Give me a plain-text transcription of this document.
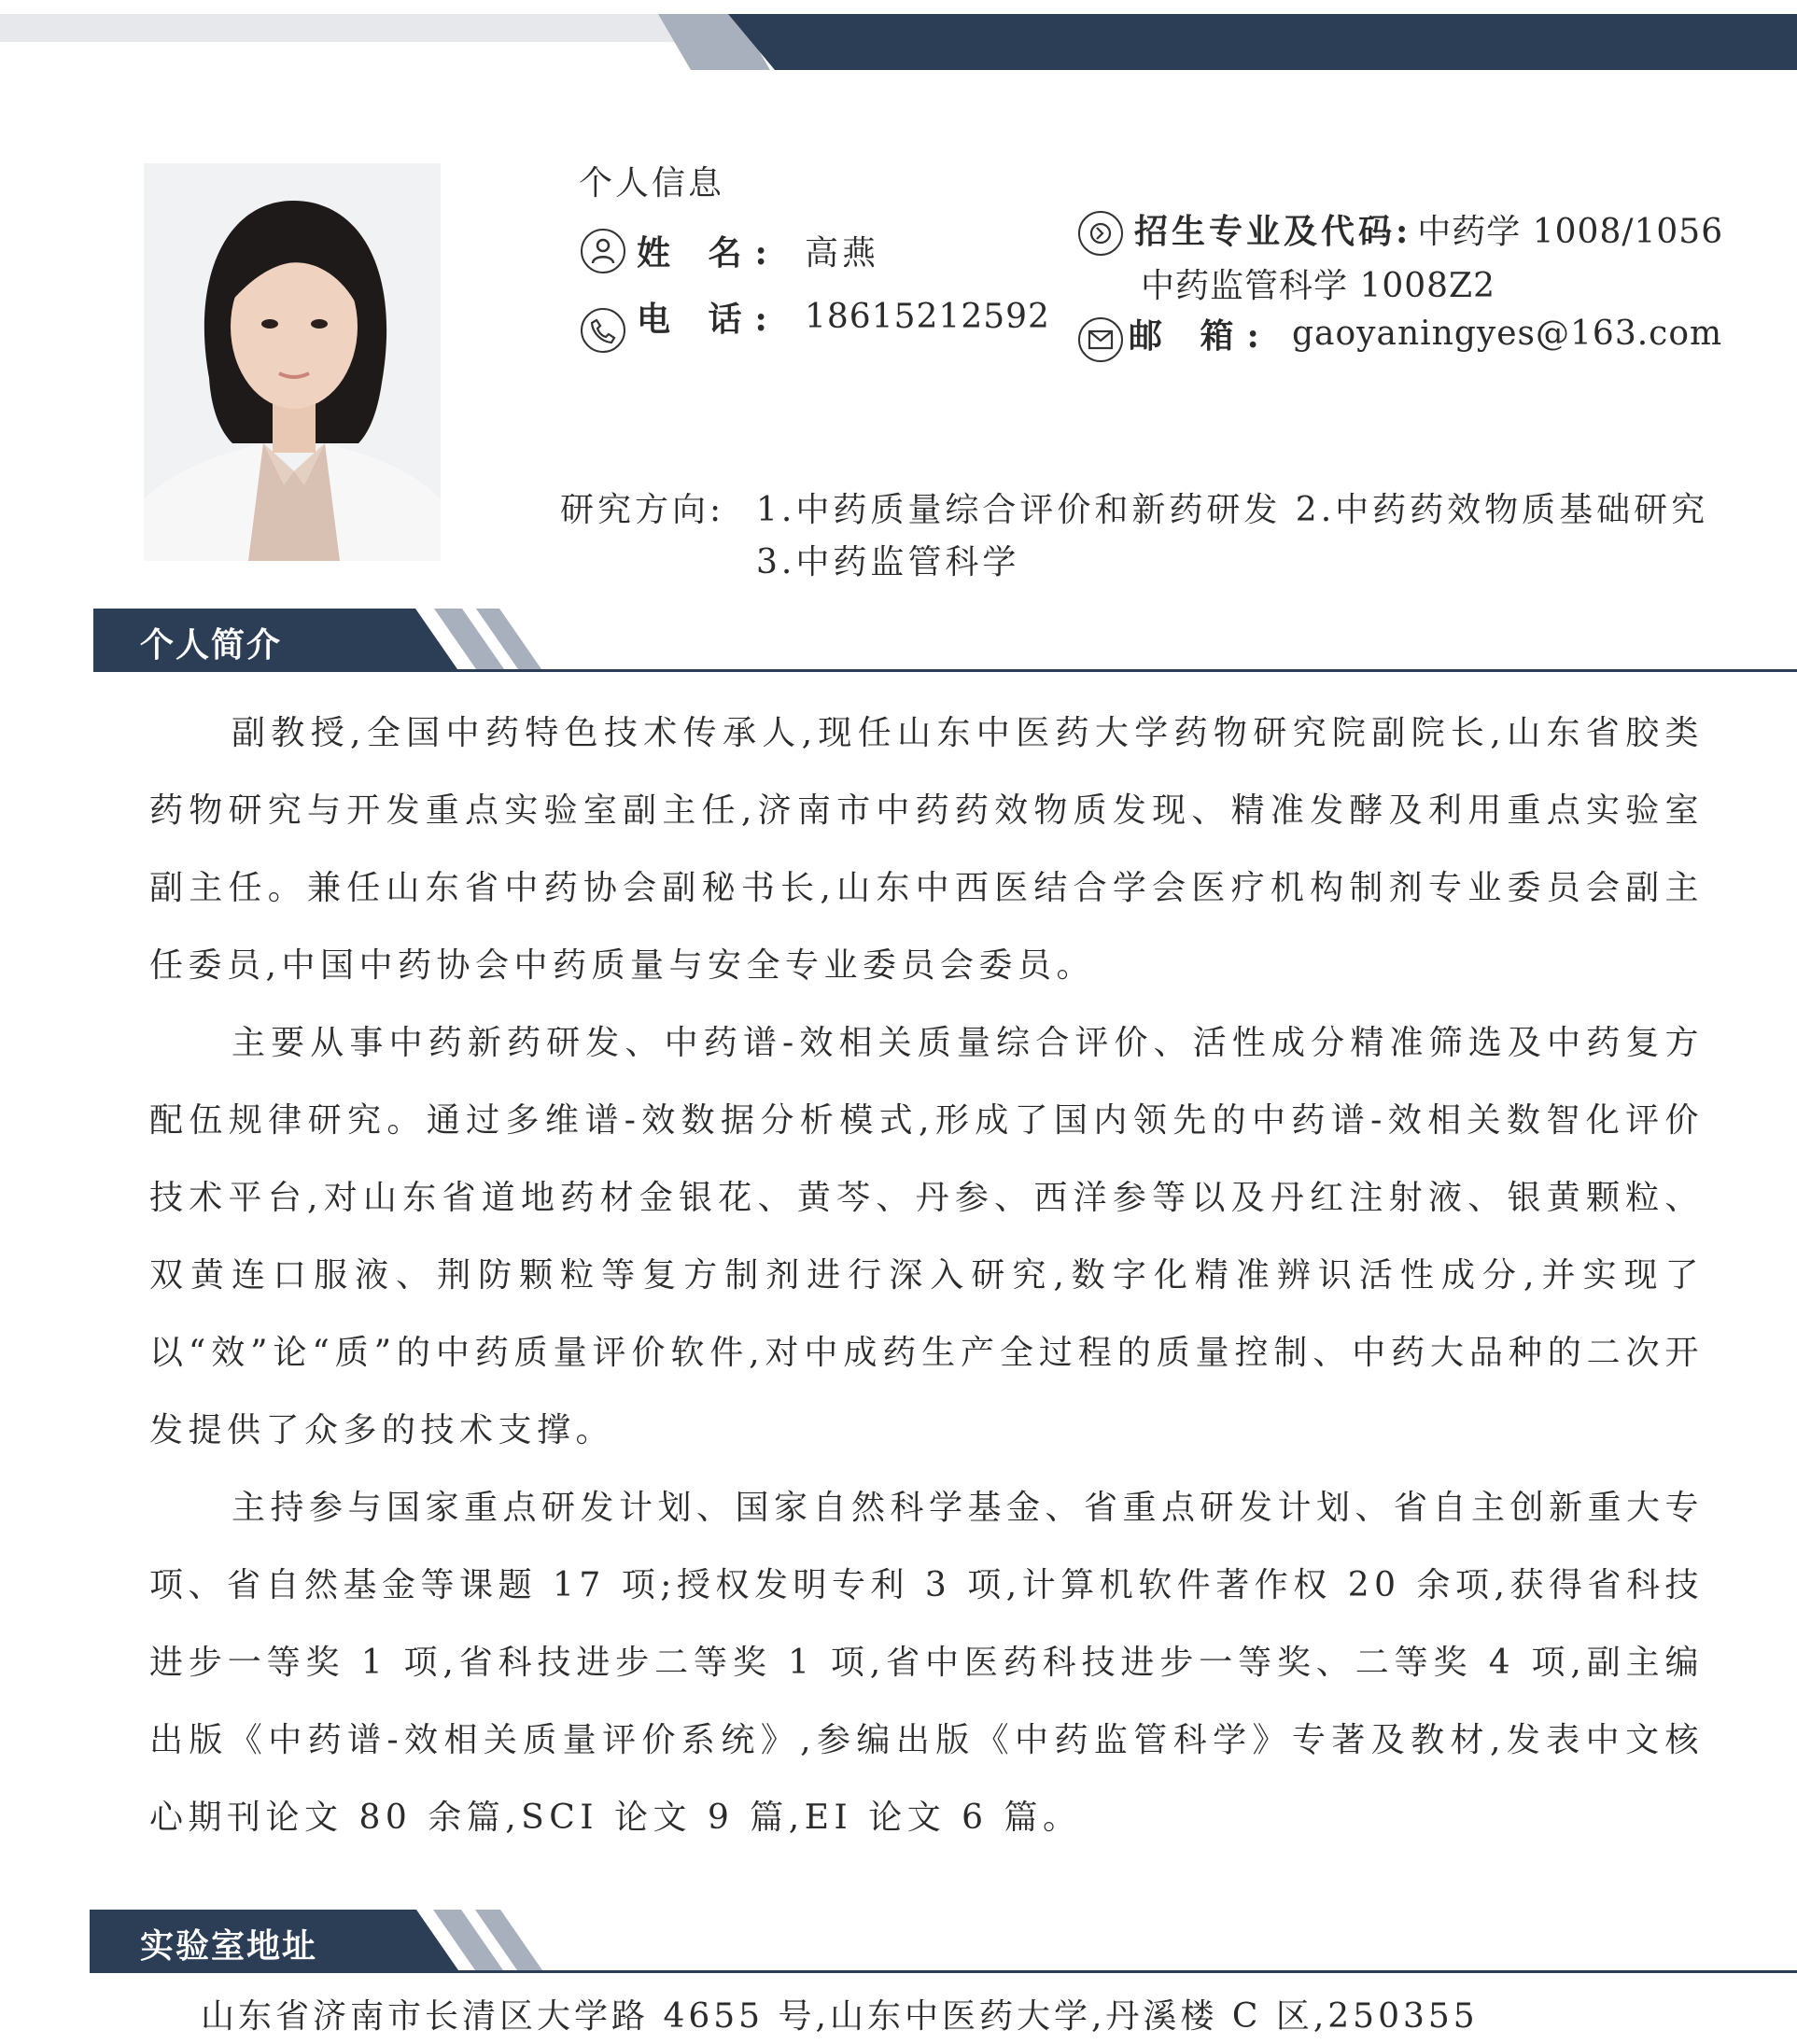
个人信息
姓 名: 高燕
电 话: 18615212592
招生专业及代码: 中药学 1008/1056
中药监管科学 1008Z2
邮 箱: gaoyaningyes@163.com
研究方向: 1.中药质量综合评价和新药研发 2.中药药效物质基础研究
3.中药监管科学
个人简介
副教授,全国中药特色技术传承人,现任山东中医药大学药物研究院副院长,山东省胶类药物研究与开发重点实验室副主任,济南市中药药效物质发现、精准发酵及利用重点实验室副主任。兼任山东省中药协会副秘书长,山东中西医结合学会医疗机构制剂专业委员会副主任委员,中国中药协会中药质量与安全专业委员会委员。
主要从事中药新药研发、中药谱-效相关质量综合评价、活性成分精准筛选及中药复方配伍规律研究。通过多维谱-效数据分析模式,形成了国内领先的中药谱-效相关数智化评价技术平台,对山东省道地药材金银花、黄芩、丹参、西洋参等以及丹红注射液、银黄颗粒、双黄连口服液、荆防颗粒等复方制剂进行深入研究,数字化精准辨识活性成分,并实现了以“效”论“质”的中药质量评价软件,对中成药生产全过程的质量控制、中药大品种的二次开发提供了众多的技术支撑。
主持参与国家重点研发计划、国家自然科学基金、省重点研发计划、省自主创新重大专项、省自然基金等课题 17 项;授权发明专利 3 项,计算机软件著作权 20 余项,获得省科技进步一等奖 1 项,省科技进步二等奖 1 项,省中医药科技进步一等奖、二等奖 4 项,副主编出版《中药谱-效相关质量评价系统》,参编出版《中药监管科学》专著及教材,发表中文核心期刊论文 80 余篇,SCI 论文 9 篇,EI 论文 6 篇。
实验室地址
山东省济南市长清区大学路 4655 号,山东中医药大学,丹溪楼 C 区,250355
